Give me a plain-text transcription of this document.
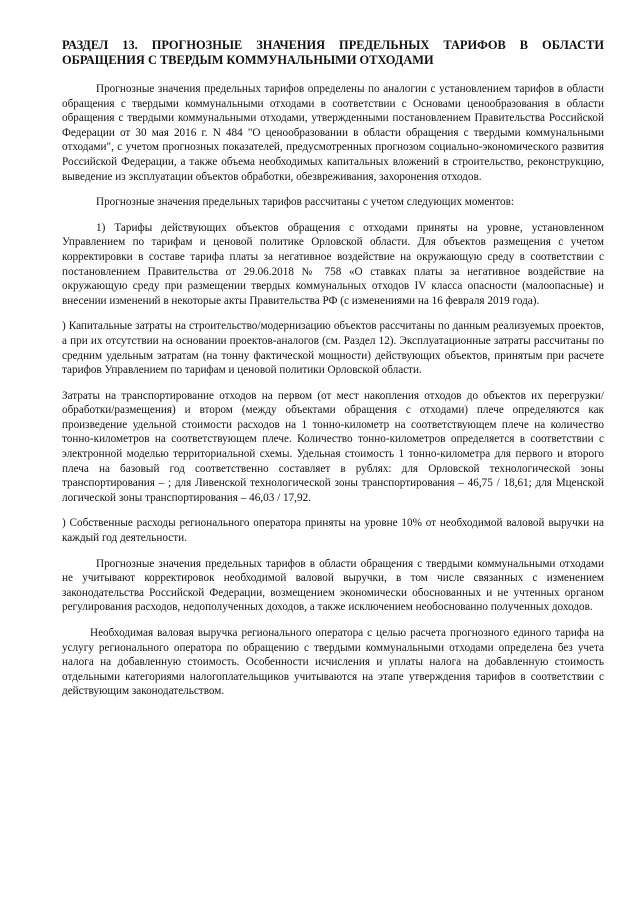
РАЗДЕЛ 13. ПРОГНОЗНЫЕ ЗНАЧЕНИЯ ПРЕДЕЛЬНЫХ ТАРИФОВ В ОБЛАСТИ ОБРАЩЕНИЯ С ТВЕРДЫМ КОММУНАЛЬНЫМИ ОТХОДАМИ

Прогнозные значения предельных тарифов определены по аналогии с установлением тарифов в области обращения с твердыми коммунальными отходами в соответствии с Основами ценообразования в области обращения с твердыми коммунальными отходами, утвержденными постановлением Правительства Российской Федерации от 30 мая 2016 г. N 484 "О ценообразовании в области обращения с твердыми коммунальными отходами", с учетом прогнозных показателей, предусмотренных прогнозом социально-экономического развития Российской Федерации, а также объема необходимых капитальных вложений в строительство, реконструкцию, выведение из эксплуатации объектов обработки, обезвреживания, захоронения отходов.

Прогнозные значения предельных тарифов рассчитаны с учетом следующих моментов:

1) Тарифы действующих объектов обращения с отходами приняты на уровне, установленном Управлением по тарифам и ценовой политике Орловской области. Для объектов размещения с учетом корректировки в составе тарифа платы за негативное воздействие на окружающую среду в соответствии с постановлением Правительства от 29.06.2018 № 758 «О ставках платы за негативное воздействие на окружающую среду при размещении твердых коммунальных отходов IV класса опасности (малоопасные) и внесении изменений в некоторые акты Правительства РФ (с изменениями на 16 февраля 2019 года).

) Капитальные затраты на строительство/модернизацию объектов рассчитаны по данным реализуемых проектов, а при их отсутствии на основании проектов-аналогов (см. Раздел 12). Эксплуатационные затраты рассчитаны по средним удельным затратам (на тонну фактической мощности) действующих объектов, принятым при расчете тарифов Управлением по тарифам и ценовой политики Орловской области.

Затраты на транспортирование отходов на первом (от мест накопления отходов до объектов их перегрузки/обработки/размещения) и втором (между объектами обращения с отходами) плече определяются как произведение удельной стоимости расходов на 1 тонно-километр на соответствующем плече на количество тонно-километров на соответствующем плече. Количество тонно-километров определяется в соответствии с электронной моделью территориальной схемы. Удельная стоимость 1 тонно-километра для первого и второго плеча на базовый год соответственно составляет в рублях: для Орловской технологической зоны транспортирования – ; для Ливенской технологической зоны транспортирования – 46,75 / 18,61; для Мценской логической зоны транспортирования – 46,03 / 17,92.

) Собственные расходы регионального оператора приняты на уровне 10% от необходимой валовой выручки на каждый год деятельности.

Прогнозные значения предельных тарифов в области обращения с твердыми коммунальными отходами не учитывают корректировок необходимой валовой выручки, в том числе связанных с изменением законодательства Российской Федерации, возмещением экономически обоснованных и не учтенных органом регулирования расходов, недополученных доходов, а также исключением необоснованно полученных доходов.

Необходимая валовая выручка регионального оператора с целью расчета прогнозного единого тарифа на услугу регионального оператора по обращению с твердыми коммунальными отходами определена без учета налога на добавленную стоимость. Особенности исчисления и уплаты налога на добавленную стоимость отдельными категориями налогоплательщиков учитываются на этапе утверждения тарифов в соответствии с действующим законодательством.
